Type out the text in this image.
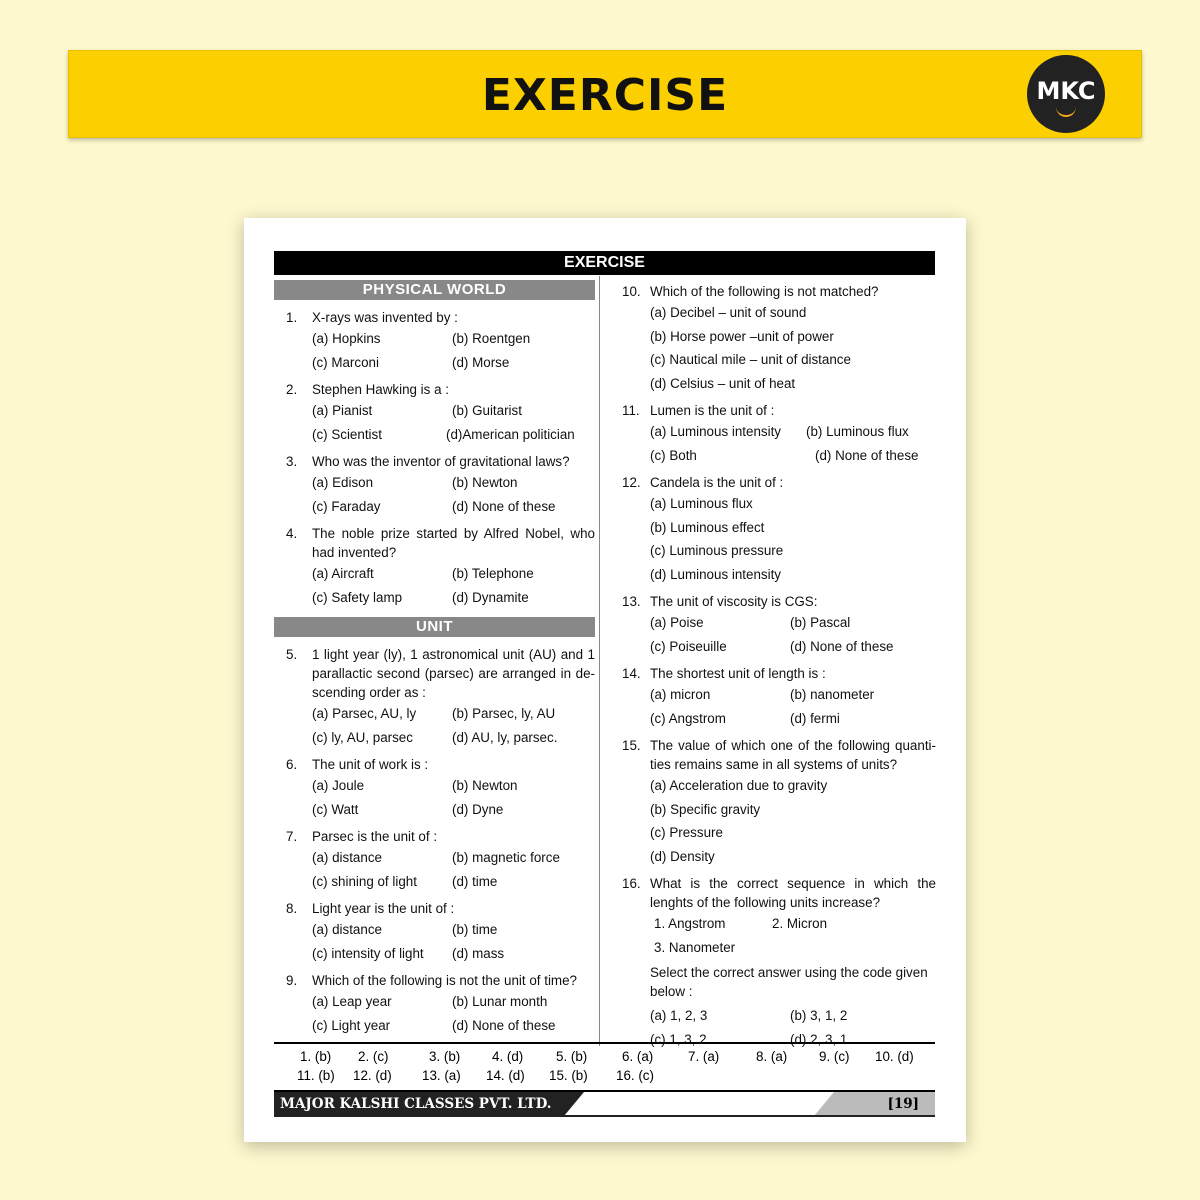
EXERCISE	MKC
EXERCISE
PHYSICAL WORLD
1. X-rays was invented by :
(a) Hopkins	(b) Roentgen
(c) Marconi	(d) Morse
2. Stephen Hawking is a :
(a) Pianist	(b) Guitarist
(c) Scientist	(d)American politician
3. Who was the inventor of gravitational laws?
(a) Edison	(b) Newton
(c) Faraday	(d) None of these
4. The noble prize started by Alfred Nobel, who had invented?
(a) Aircraft	(b) Telephone
(c) Safety lamp	(d) Dynamite
UNIT
5. 1 light year (ly), 1 astronomical unit (AU) and 1 parallactic second (parsec) are arranged in de-scending order as :
(a) Parsec, AU, ly	(b) Parsec, ly, AU
(c) ly, AU, parsec	(d) AU, ly, parsec.
6. The unit of work is :
(a) Joule	(b) Newton
(c) Watt	(d) Dyne
7. Parsec is the unit of :
(a) distance	(b) magnetic force
(c) shining of light	(d) time
8. Light year is the unit of :
(a) distance	(b) time
(c) intensity of light	(d) mass
9. Which of the following is not the unit of time?
(a) Leap year	(b) Lunar month
(c) Light year	(d) None of these
10. Which of the following is not matched?
(a) Decibel – unit of sound
(b) Horse power –unit of power
(c) Nautical mile – unit of distance
(d) Celsius – unit of heat
11. Lumen is the unit of :
(a) Luminous intensity	(b) Luminous flux
(c) Both	(d) None of these
12. Candela is the unit of :
(a) Luminous flux
(b) Luminous effect
(c) Luminous pressure
(d) Luminous intensity
13. The unit of viscosity is CGS:
(a) Poise	(b) Pascal
(c) Poiseuille	(d) None of these
14. The shortest unit of length is :
(a) micron	(b) nanometer
(c) Angstrom	(d) fermi
15. The value of which one of the following quanti-ties remains same in all systems of units?
(a) Acceleration due to gravity
(b) Specific gravity
(c) Pressure
(d) Density
16. What is the correct sequence in which the lenghts of the following units increase?
1. Angstrom	2. Micron
3. Nanometer
Select the correct answer using the code given below :
(a) 1, 2, 3	(b) 3, 1, 2
(c) 1, 3, 2	(d) 2, 3, 1
1. (b) 2. (c)	3. (b) 4. (d) 5. (b)	6. (a)	7. (a)	8. (a) 9. (c) 10. (d)
11. (b) 12. (d) 13. (a) 14. (d) 15. (b) 16. (c)
MAJOR KALSHI CLASSES PVT. LTD.	[19]
